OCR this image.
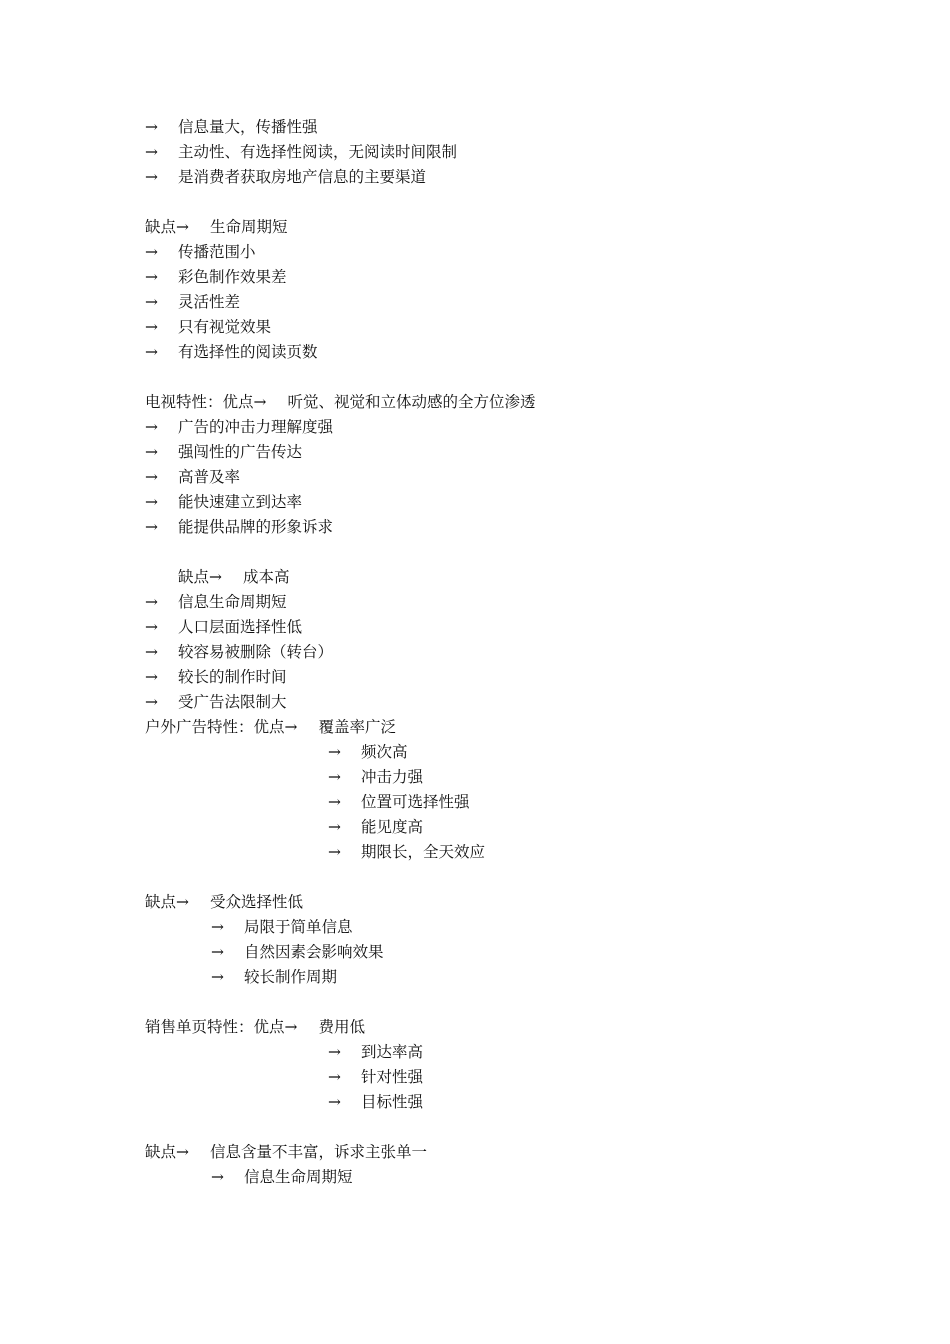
→ 信息量大，传播性强
→ 主动性、有选择性阅读，无阅读时间限制
→ 是消费者获取房地产信息的主要渠道
缺点→ 生命周期短
→ 传播范围小
→ 彩色制作效果差
→ 灵活性差
→ 只有视觉效果
→ 有选择性的阅读页数
电视特性：优点→ 听觉、视觉和立体动感的全方位渗透
→ 广告的冲击力理解度强
→ 强闯性的广告传达
→ 高普及率
→ 能快速建立到达率
→ 能提供品牌的形象诉求
缺点→ 成本高
→ 信息生命周期短
→ 人口层面选择性低
→ 较容易被删除（转台）
→ 较长的制作时间
→ 受广告法限制大
户外广告特性：优点→ 覆盖率广泛
→ 频次高
→ 冲击力强
→ 位置可选择性强
→ 能见度高
→ 期限长，全天效应
缺点→ 受众选择性低
→ 局限于简单信息
→ 自然因素会影响效果
→ 较长制作周期
销售单页特性：优点→ 费用低
→ 到达率高
→ 针对性强
→ 目标性强
缺点→ 信息含量不丰富，诉求主张单一
→ 信息生命周期短
